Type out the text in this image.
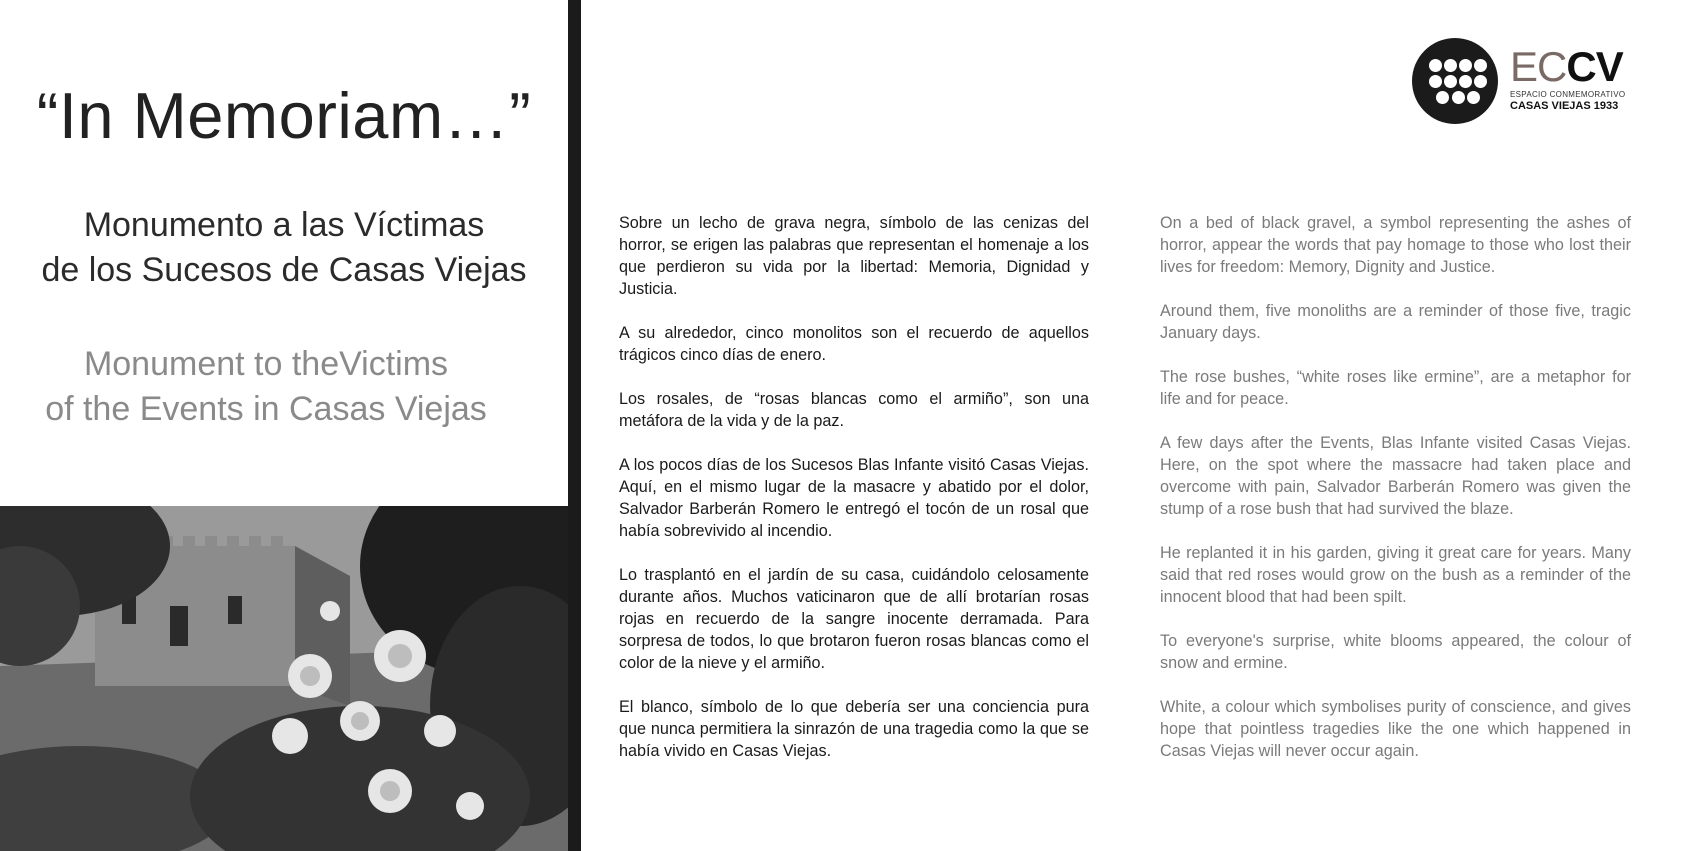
“In Memoriam…”
Monumento a las Víctimas
de los Sucesos de Casas Viejas
Monument to theVictims
of the Events in Casas Viejas
ECCV
ESPACIO CONMEMORATIVO
CASAS VIEJAS 1933

Sobre un lecho de grava negra, símbolo de las cenizas del horror, se erigen las palabras que representan el homenaje a los que perdieron su vida por la libertad: Memoria, Dignidad y Justicia.

A su alrededor, cinco monolitos son el recuerdo de aquellos trágicos cinco días de enero.

Los rosales, de “rosas blancas como el armiño”, son una metáfora de la vida y de la paz.

A los pocos días de los Sucesos Blas Infante visitó Casas Viejas. Aquí, en el mismo lugar de la masacre y abatido por el dolor, Salvador Barberán Romero le entregó el tocón de un rosal que había sobrevivido al incendio.

Lo trasplantó en el jardín de su casa, cuidándolo celosamente durante años. Muchos vaticinaron que de allí brotarían rosas rojas en recuerdo de la sangre inocente derramada. Para sorpresa de todos, lo que brotaron fueron rosas blancas como el color de la nieve y el armiño.

El blanco, símbolo de lo que debería ser una conciencia pura que nunca permitiera la sinrazón de una tragedia como la que se había vivido en Casas Viejas.

On a bed of black gravel, a symbol representing the ashes of horror, appear the words that pay homage to those who lost their lives for freedom: Memory, Dignity and Justice.

Around them, five monoliths are a reminder of those five, tragic January days.

The rose bushes, “white roses like ermine”, are a metaphor for life and for peace.

A few days after the Events, Blas Infante visited Casas Viejas. Here, on the spot where the massacre had taken place and overcome with pain, Salvador Barberán Romero was given the stump of a rose bush that had survived the blaze.

He replanted it in his garden, giving it great care for years. Many said that red roses would grow on the bush as a reminder of the innocent blood that had been spilt.

To everyone's surprise, white blooms appeared, the colour of snow and ermine.

White, a colour which symbolises purity of conscience, and gives hope that pointless tragedies like the one which happened in Casas Viejas will never occur again.
